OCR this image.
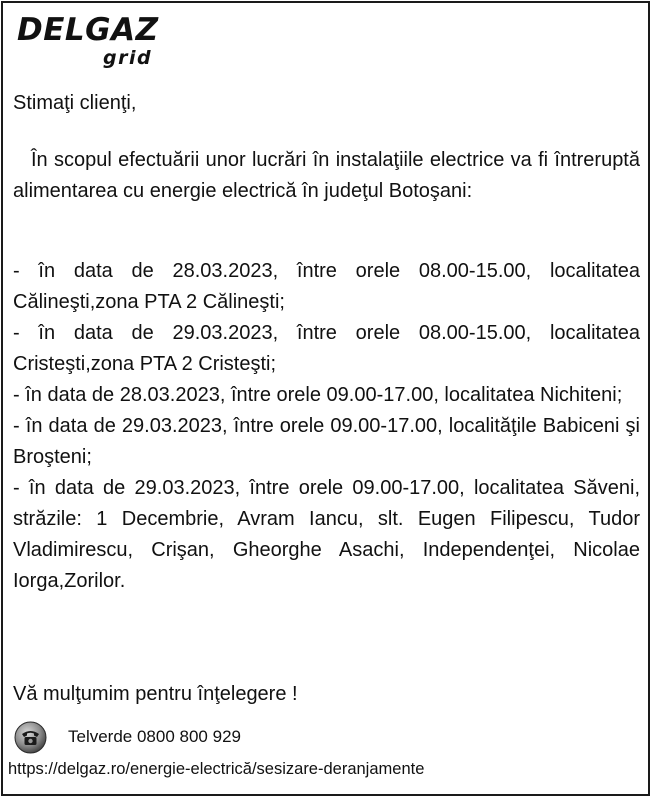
DELGAZ
grid
Stimaţi clienţi,
În scopul efectuării unor lucrări în instalaţiile electrice va fi întreruptă alimentarea cu energie electrică în judeţul Botoşani:
- în data de 28.03.2023, între orele 08.00-15.00, localitatea Călineşti,zona PTA 2 Călineşti;
- în data de 29.03.2023, între orele 08.00-15.00, localitatea Cristeşti,zona PTA 2 Cristeşti;
- în data de 28.03.2023, între orele 09.00-17.00, localitatea Nichiteni;
- în data de 29.03.2023, între orele 09.00-17.00, localităţile Babiceni şi Broşteni;
- în data de 29.03.2023, între orele 09.00-17.00, localitatea Săveni, străzile: 1 Decembrie, Avram Iancu, slt. Eugen Filipescu, Tudor Vladimirescu, Crişan, Gheorghe Asachi, Independenţei, Nicolae Iorga,Zorilor.
Vă mulţumim pentru înţelegere !
Telverde 0800 800 929
https://delgaz.ro/energie-electrică/sesizare-deranjamente
